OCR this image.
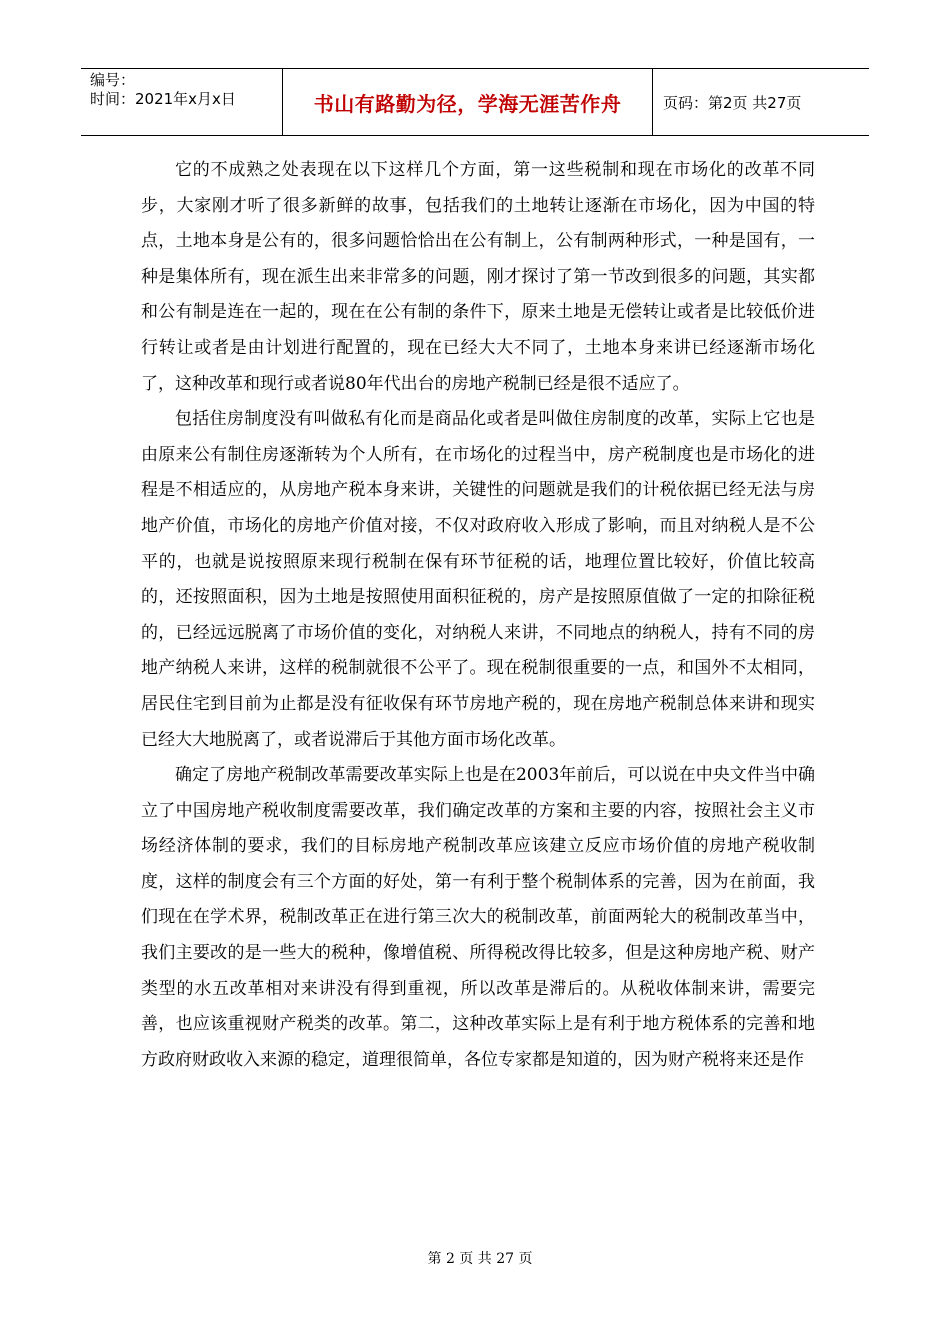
编号：
时间：2021年x月x日	书山有路勤为径，学海无涯苦作舟	页码：第2页 共27页

它的不成熟之处表现在以下这样几个方面，第一这些税制和现在市场化的改革不同步，大家刚才听了很多新鲜的故事，包括我们的土地转让逐渐在市场化，因为中国的特点，土地本身是公有的，很多问题恰恰出在公有制上，公有制两种形式，一种是国有，一种是集体所有，现在派生出来非常多的问题，刚才探讨了第一节改到很多的问题，其实都和公有制是连在一起的，现在在公有制的条件下，原来土地是无偿转让或者是比较低价进行转让或者是由计划进行配置的，现在已经大大不同了，土地本身来讲已经逐渐市场化了，这种改革和现行或者说80年代出台的房地产税制已经是很不适应了。

包括住房制度没有叫做私有化而是商品化或者是叫做住房制度的改革，实际上它也是由原来公有制住房逐渐转为个人所有，在市场化的过程当中，房产税制度也是市场化的进程是不相适应的，从房地产税本身来讲，关键性的问题就是我们的计税依据已经无法与房地产价值，市场化的房地产价值对接，不仅对政府收入形成了影响，而且对纳税人是不公平的，也就是说按照原来现行税制在保有环节征税的话，地理位置比较好，价值比较高的，还按照面积，因为土地是按照使用面积征税的，房产是按照原值做了一定的扣除征税的，已经远远脱离了市场价值的变化，对纳税人来讲，不同地点的纳税人，持有不同的房地产纳税人来讲，这样的税制就很不公平了。现在税制很重要的一点，和国外不太相同，居民住宅到目前为止都是没有征收保有环节房地产税的，现在房地产税制总体来讲和现实已经大大地脱离了，或者说滞后于其他方面市场化改革。

确定了房地产税制改革需要改革实际上也是在2003年前后，可以说在中央文件当中确立了中国房地产税收制度需要改革，我们确定改革的方案和主要的内容，按照社会主义市场经济体制的要求，我们的目标房地产税制改革应该建立反应市场价值的房地产税收制度，这样的制度会有三个方面的好处，第一有利于整个税制体系的完善，因为在前面，我们现在在学术界，税制改革正在进行第三次大的税制改革，前面两轮大的税制改革当中，我们主要改的是一些大的税种，像增值税、所得税改得比较多，但是这种房地产税、财产类型的水五改革相对来讲没有得到重视，所以改革是滞后的。从税收体制来讲，需要完善，也应该重视财产税类的改革。第二，这种改革实际上是有利于地方税体系的完善和地方政府财政收入来源的稳定，道理很简单，各位专家都是知道的，因为财产税将来还是作

第 2 页 共 27 页
